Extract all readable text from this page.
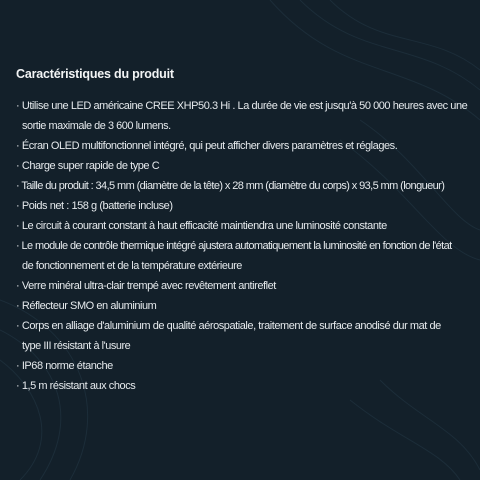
Caractéristiques du produit
· Utilise une LED américaine CREE XHP50.3 Hi . La durée de vie est jusqu'à 50 000 heures avec une
sortie maximale de 3 600 lumens.
· Écran OLED multifonctionnel intégré, qui peut afficher divers paramètres et réglages.
· Charge super rapide de type C
· Taille du produit : 34,5 mm (diamètre de la tête) x 28 mm (diamètre du corps) x 93,5 mm (longueur)
· Poids net : 158 g (batterie incluse)
· Le circuit à courant constant à haut efficacité maintiendra une luminosité constante
· Le module de contrôle thermique intégré ajustera automatiquement la luminosité en fonction de l'état
de fonctionnement et de la température extérieure
· Verre minéral ultra-clair trempé avec revêtement antireflet
· Réflecteur SMO en aluminium
· Corps en alliage d'aluminium de qualité aérospatiale, traitement de surface anodisé dur mat de
type III résistant à l'usure
· IP68 norme étanche
· 1,5 m résistant aux chocs
